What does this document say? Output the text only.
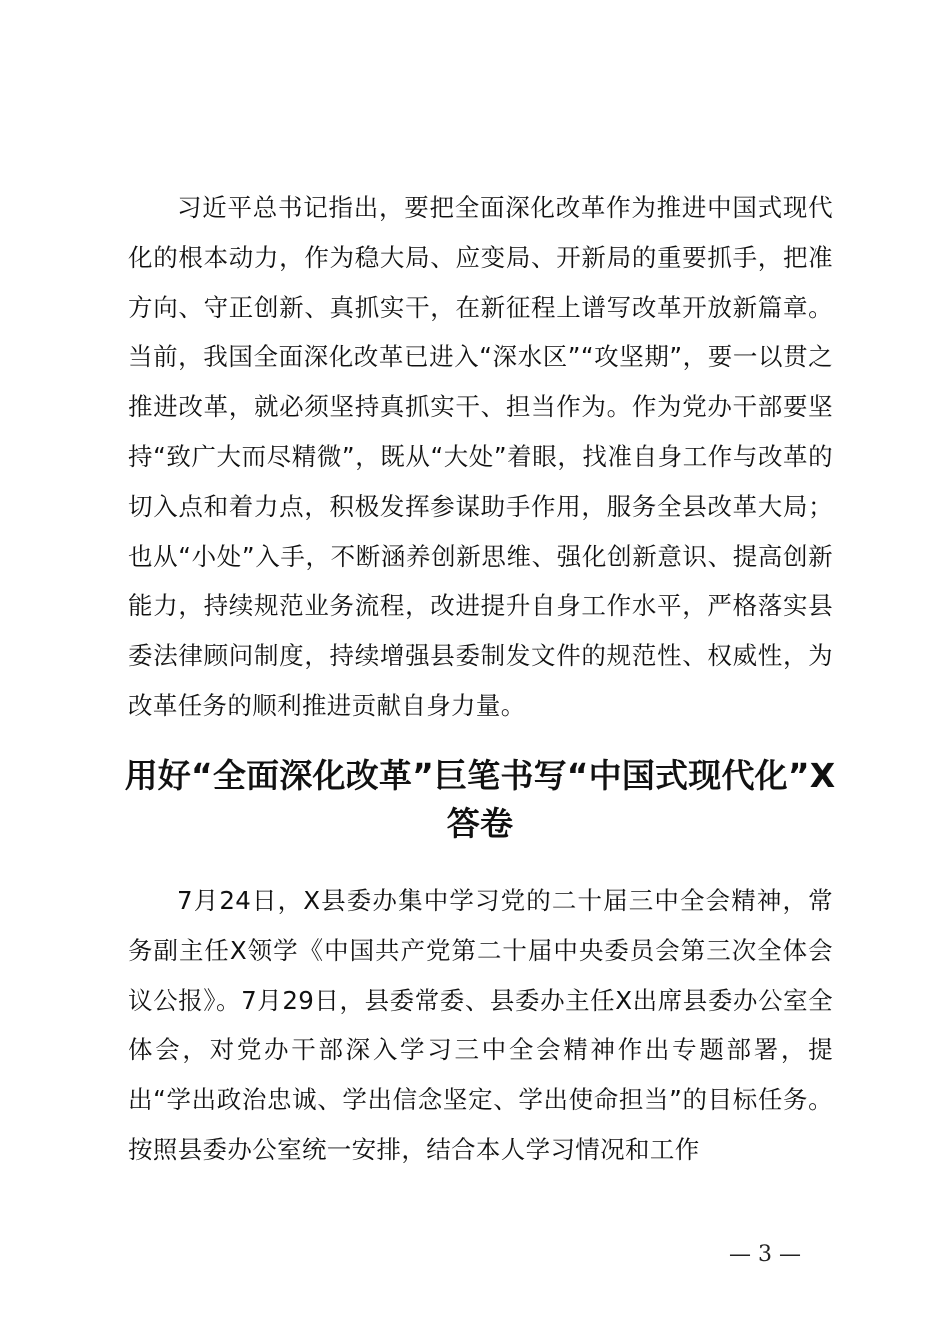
习近平总书记指出，要把全面深化改革作为推进中国式现代化的根本动力，作为稳大局、应变局、开新局的重要抓手，把准方向、守正创新、真抓实干，在新征程上谱写改革开放新篇章。当前，我国全面深化改革已进入“深水区”“攻坚期”，要一以贯之推进改革，就必须坚持真抓实干、担当作为。作为党办干部要坚持“致广大而尽精微”，既从“大处”着眼，找准自身工作与改革的切入点和着力点，积极发挥参谋助手作用，服务全县改革大局；也从“小处”入手，不断涵养创新思维、强化创新意识、提高创新能力，持续规范业务流程，改进提升自身工作水平，严格落实县委法律顾问制度，持续增强县委制发文件的规范性、权威性，为改革任务的顺利推进贡献自身力量。

用好“全面深化改革”巨笔书写“中国式现代化”X答卷

7月24日，X县委办集中学习党的二十届三中全会精神，常务副主任X领学《中国共产党第二十届中央委员会第三次全体会议公报》。7月29日，县委常委、县委办主任X出席县委办公室全体会，对党办干部深入学习三中全会精神作出专题部署，提出“学出政治忠诚、学出信念坚定、学出使命担当”的目标任务。按照县委办公室统一安排，结合本人学习情况和工作

— 3 —
